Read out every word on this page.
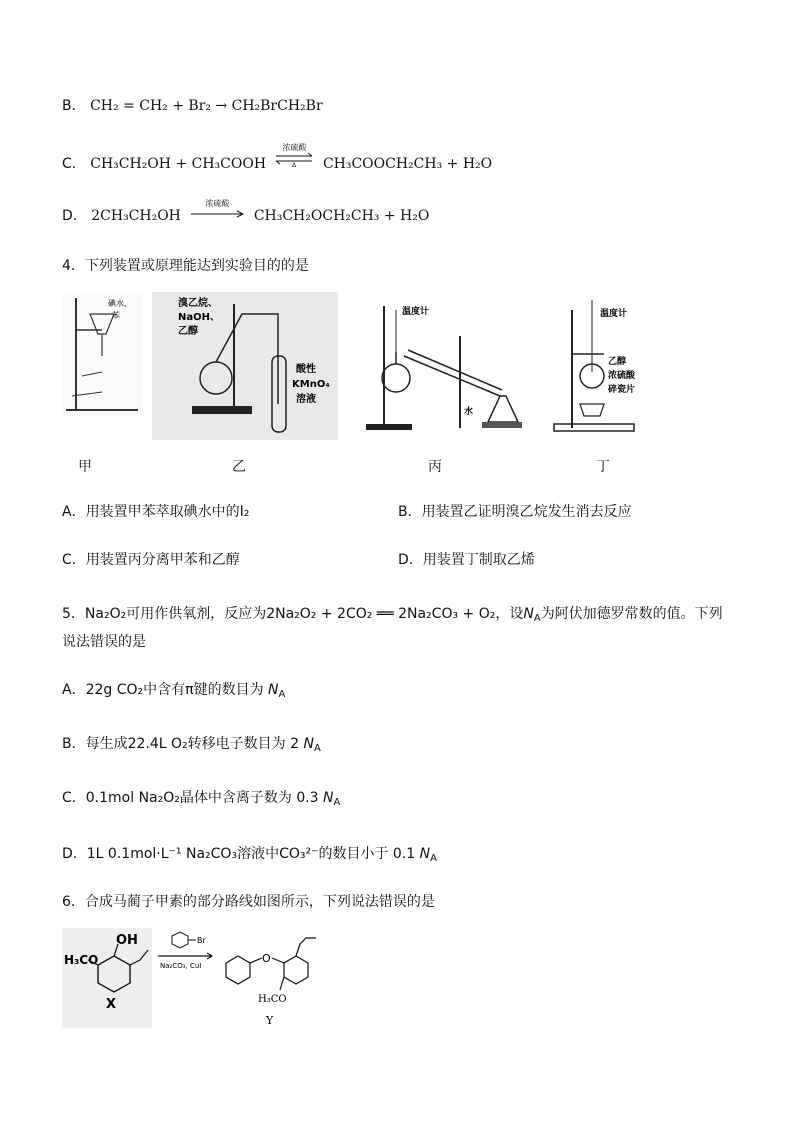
B． CH₂ = CH₂ + Br₂ → CH₂BrCH₂Br
C． CH₃CH₂OH + CH₃COOH	Δ
浓硫酸
CH₃COOCH₂CH₃ + H₂O
D． 2CH₃CH₂OH
浓硫酸
CH₃CH₂OCH₂CH₃ + H₂O
4．下列装置或原理能达到实验目的的是
碘水、
苯
溴乙烷、
NaOH、
乙醇
酸性
KMnO₄
溶液
温度计
水
温度计
乙醇
浓硫酸
碎瓷片
甲	乙	丙	丁
A．用装置甲苯萃取碘水中的I₂	B．用装置乙证明溴乙烷发生消去反应
C．用装置丙分离甲苯和乙醇	D．用装置丁制取乙烯
5．Na₂O₂可用作供氧剂，反应为2Na₂O₂ + 2CO₂ ══ 2Na₂CO₃ + O₂，设$N_A$为阿伏加德罗常数的值。下列
说法错误的是
A．22g CO₂中含有π键的数目为 $N_A$
B．每生成22.4L O₂转移电子数目为 2 $N_A$
C．0.1mol Na₂O₂晶体中含离子数为 0.3 $N_A$
D．1L 0.1mol·L⁻¹ Na₂CO₃溶液中CO₃²⁻的数目小于 0.1 $N_A$
6．合成马蔺子甲素的部分路线如图所示，下列说法错误的是
OH
H₃CO
X
Br
Na₂CO₃, CuI
O
H₃CO
Y
